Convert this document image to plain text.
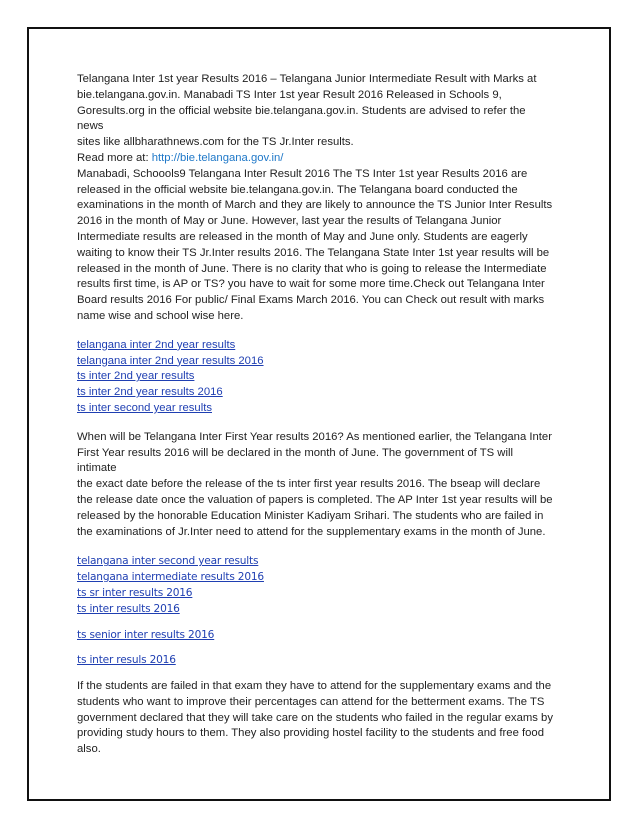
Telangana Inter 1st year Results 2016 – Telangana Junior Intermediate Result with Marks at

bie.telangana.gov.in. Manabadi TS Inter 1st year Result 2016 Released in Schools 9,

Goresults.org in the official website bie.telangana.gov.in. Students are advised to refer the news

sites like allbharathnews.com for the TS Jr.Inter results.

Read more at: http://bie.telangana.gov.in/

Manabadi, Schoools9 Telangana Inter Result 2016 The TS Inter 1st year Results 2016 are

released in the official website bie.telangana.gov.in. The Telangana board conducted the

examinations in the month of March and they are likely to announce the TS Junior Inter Results

2016 in the month of May or June. However, last year the results of Telangana Junior

Intermediate results are released in the month of May and June only. Students are eagerly

waiting to know their TS Jr.Inter results 2016. The Telangana State Inter 1st year results will be

released in the month of June. There is no clarity that who is going to release the Intermediate

results first time, is AP or TS? you have to wait for some more time.Check out Telangana Inter

Board results 2016 For public/ Final Exams March 2016. You can Check out result with marks

name wise and school wise here.

telangana inter 2nd year results
telangana inter 2nd year results 2016
ts inter 2nd year results
ts inter 2nd year results 2016
ts inter second year results

When will be Telangana Inter First Year results 2016? As mentioned earlier, the Telangana Inter

First Year results 2016 will be declared in the month of June. The government of TS will intimate

the exact date before the release of the ts inter first year results 2016. The bseap will declare

the release date once the valuation of papers is completed. The AP Inter 1st year results will be

released by the honorable Education Minister Kadiyam Srihari. The students who are failed in

the examinations of Jr.Inter need to attend for the supplementary exams in the month of June.

telangana inter second year results
telangana intermediate results 2016
ts sr inter results 2016
ts inter results 2016
ts senior inter results 2016
ts inter resuls 2016

If the students are failed in that exam they have to attend for the supplementary exams and the

students who want to improve their percentages can attend for the betterment exams. The TS

government declared that they will take care on the students who failed in the regular exams by

providing study hours to them. They also providing hostel facility to the students and free food

also.
